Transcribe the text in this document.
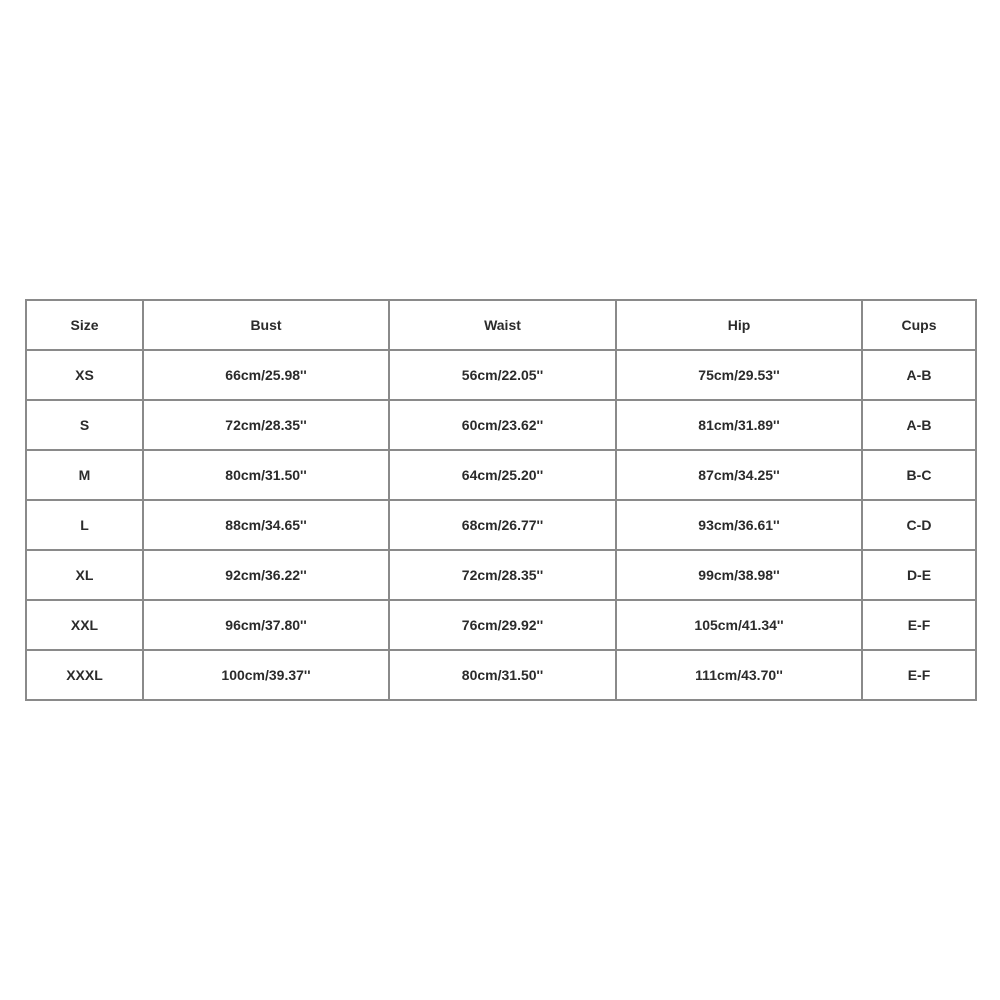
Size	Bust	Waist	Hip	Cups
XS	66cm/25.98''	56cm/22.05''	75cm/29.53''	A-B
S	72cm/28.35''	60cm/23.62''	81cm/31.89''	A-B
M	80cm/31.50''	64cm/25.20''	87cm/34.25''	B-C
L	88cm/34.65''	68cm/26.77''	93cm/36.61''	C-D
XL	92cm/36.22''	72cm/28.35''	99cm/38.98''	D-E
XXL	96cm/37.80''	76cm/29.92''	105cm/41.34''	E-F
XXXL	100cm/39.37''	80cm/31.50''	111cm/43.70''	E-F
